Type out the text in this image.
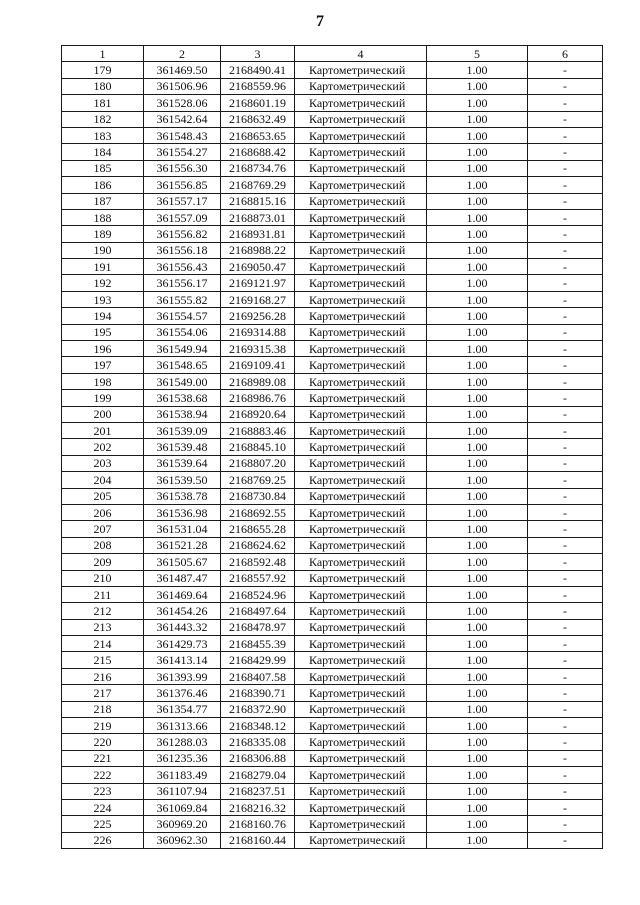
7
1	2	3	4	5	6
179	361469.50	2168490.41	Картометрический	1.00	-
180	361506.96	2168559.96	Картометрический	1.00	-
181	361528.06	2168601.19	Картометрический	1.00	-
182	361542.64	2168632.49	Картометрический	1.00	-
183	361548.43	2168653.65	Картометрический	1.00	-
184	361554.27	2168688.42	Картометрический	1.00	-
185	361556.30	2168734.76	Картометрический	1.00	-
186	361556.85	2168769.29	Картометрический	1.00	-
187	361557.17	2168815.16	Картометрический	1.00	-
188	361557.09	2168873.01	Картометрический	1.00	-
189	361556.82	2168931.81	Картометрический	1.00	-
190	361556.18	2168988.22	Картометрический	1.00	-
191	361556.43	2169050.47	Картометрический	1.00	-
192	361556.17	2169121.97	Картометрический	1.00	-
193	361555.82	2169168.27	Картометрический	1.00	-
194	361554.57	2169256.28	Картометрический	1.00	-
195	361554.06	2169314.88	Картометрический	1.00	-
196	361549.94	2169315.38	Картометрический	1.00	-
197	361548.65	2169109.41	Картометрический	1.00	-
198	361549.00	2168989.08	Картометрический	1.00	-
199	361538.68	2168986.76	Картометрический	1.00	-
200	361538.94	2168920.64	Картометрический	1.00	-
201	361539.09	2168883.46	Картометрический	1.00	-
202	361539.48	2168845.10	Картометрический	1.00	-
203	361539.64	2168807.20	Картометрический	1.00	-
204	361539.50	2168769.25	Картометрический	1.00	-
205	361538.78	2168730.84	Картометрический	1.00	-
206	361536.98	2168692.55	Картометрический	1.00	-
207	361531.04	2168655.28	Картометрический	1.00	-
208	361521.28	2168624.62	Картометрический	1.00	-
209	361505.67	2168592.48	Картометрический	1.00	-
210	361487.47	2168557.92	Картометрический	1.00	-
211	361469.64	2168524.96	Картометрический	1.00	-
212	361454.26	2168497.64	Картометрический	1.00	-
213	361443.32	2168478.97	Картометрический	1.00	-
214	361429.73	2168455.39	Картометрический	1.00	-
215	361413.14	2168429.99	Картометрический	1.00	-
216	361393.99	2168407.58	Картометрический	1.00	-
217	361376.46	2168390.71	Картометрический	1.00	-
218	361354.77	2168372.90	Картометрический	1.00	-
219	361313.66	2168348.12	Картометрический	1.00	-
220	361288.03	2168335.08	Картометрический	1.00	-
221	361235.36	2168306.88	Картометрический	1.00	-
222	361183.49	2168279.04	Картометрический	1.00	-
223	361107.94	2168237.51	Картометрический	1.00	-
224	361069.84	2168216.32	Картометрический	1.00	-
225	360969.20	2168160.76	Картометрический	1.00	-
226	360962.30	2168160.44	Картометрический	1.00	-
